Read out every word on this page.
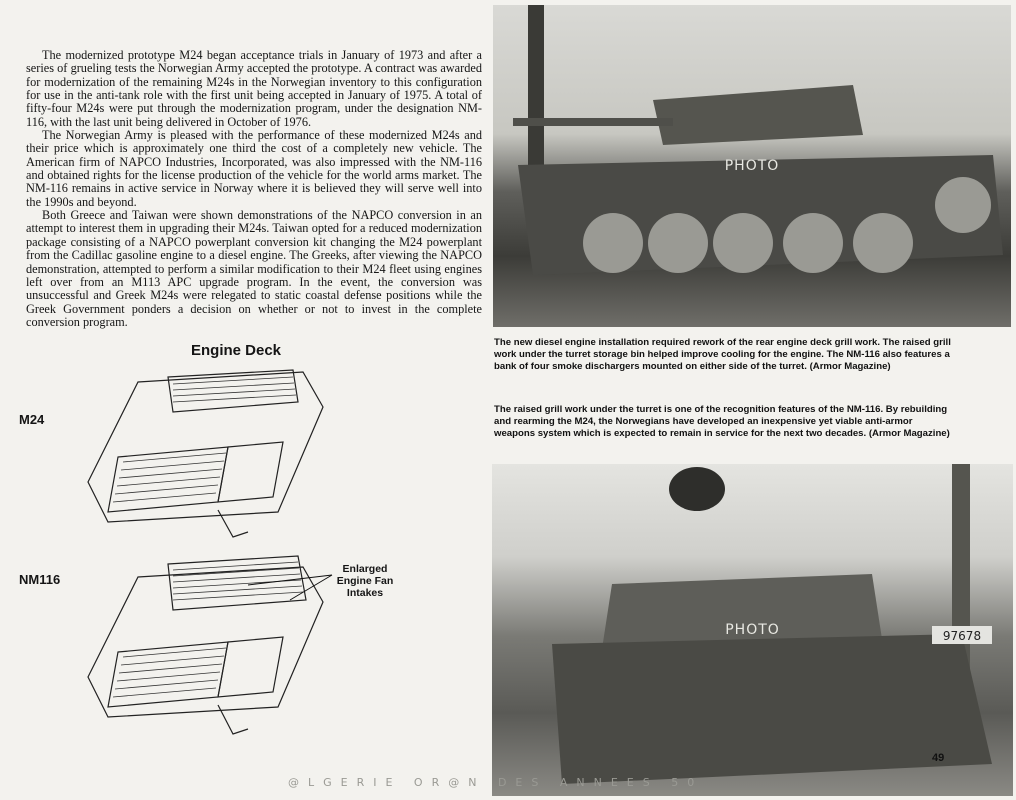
The modernized prototype M24 began acceptance trials in January of 1973 and after a series of grueling tests the Norwegian Army accepted the prototype. A contract was awarded for modernization of the remaining M24s in the Norwegian inventory to this configuration for use in the anti-tank role with the first unit being accepted in January of 1975. A total of fifty-four M24s were put through the modernization program, under the designation NM-116, with the last unit being delivered in October of 1976.

The Norwegian Army is pleased with the performance of these modernized M24s and their price which is approximately one third the cost of a completely new vehicle. The American firm of NAPCO Industries, Incorporated, was also impressed with the NM-116 and obtained rights for the license production of the vehicle for the world arms market. The NM-116 remains in active service in Norway where it is believed they will serve well into the 1990s and beyond.

Both Greece and Taiwan were shown demonstrations of the NAPCO conversion in an attempt to interest them in upgrading their M24s. Taiwan opted for a reduced modernization package consisting of a NAPCO powerplant conversion kit changing the M24 powerplant from the Cadillac gasoline engine to a diesel engine. The Greeks, after viewing the NAPCO demonstration, attempted to perform a similar modification to their M24 fleet using engines left over from an M113 APC upgrade program. In the event, the conversion was unsuccessful and Greek M24s were relegated to static coastal defense positions while the Greek Government ponders a decision on whether or not to invest in the complete conversion program.

PHOTO
The new diesel engine installation required rework of the rear engine deck grill work. The raised grill work under the turret storage bin helped improve cooling for the engine. The NM-116 also features a bank of four smoke dischargers mounted on either side of the turret. (Armor Magazine)
The raised grill work under the turret is one of the recognition features of the NM-116. By rebuilding and rearming the M24, the Norwegians have developed an inexpensive yet viable anti-armor weapons system which is expected to remain in service for the next two decades. (Armor Magazine)
Engine Deck
M24
NM116
Enlarged Engine Fan Intakes
97678
PHOTO
49
@LGERIE OR@N DES ANNEES 50
